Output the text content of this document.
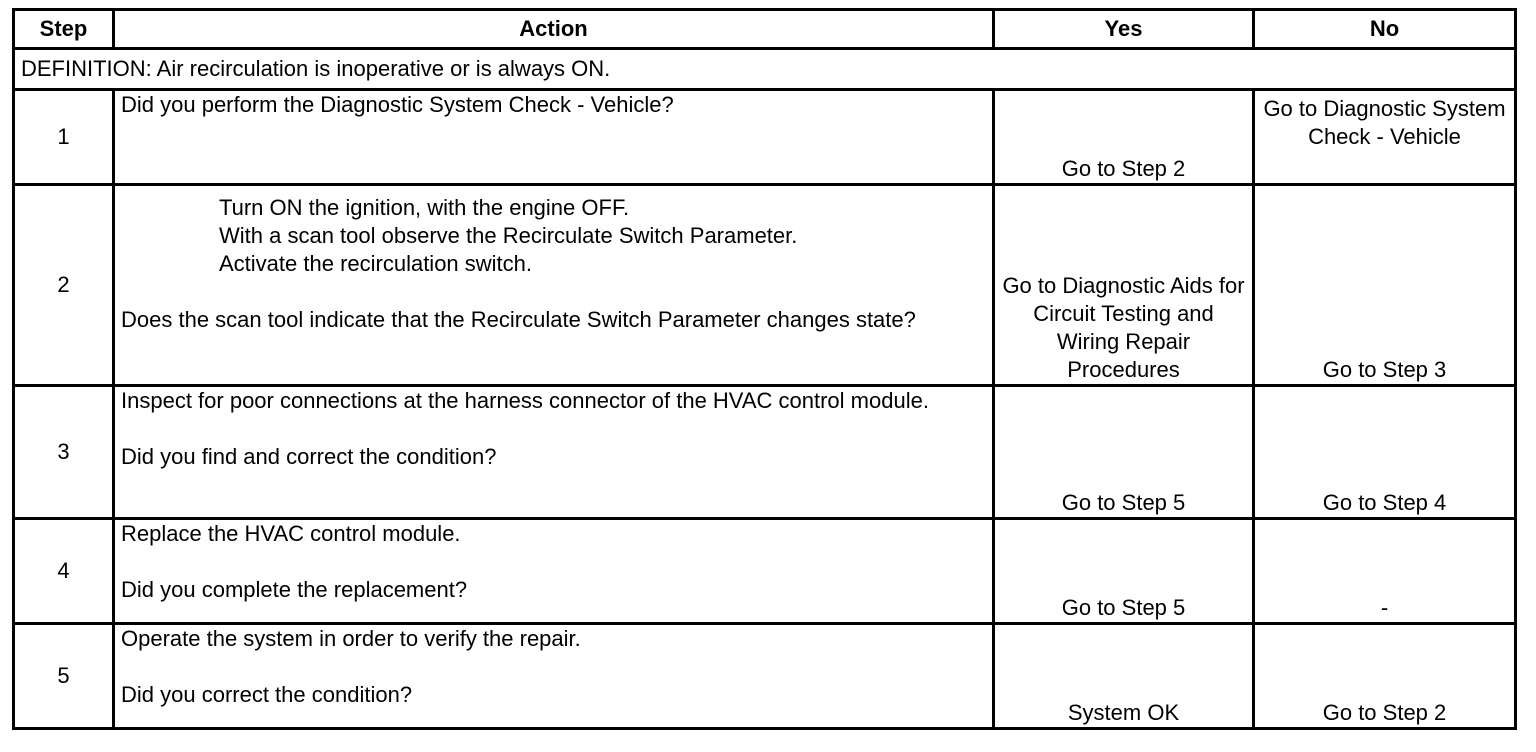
Step	Action	Yes	No
DEFINITION: Air recirculation is inoperative or is always ON.			
1	Did you perform the Diagnostic System Check - Vehicle?	Go to Step 2	Go to Diagnostic System Check - Vehicle
2	Turn ON the ignition, with the engine OFF.
With a scan tool observe the Recirculate Switch Parameter.
Activate the recirculation switch.
Does the scan tool indicate that the Recirculate Switch Parameter changes state?	Go to Diagnostic Aids for Circuit Testing and Wiring Repair Procedures	Go to Step 3
3	Inspect for poor connections at the harness connector of the HVAC control module.
Did you find and correct the condition?	Go to Step 5	Go to Step 4
4	Replace the HVAC control module.
Did you complete the replacement?	Go to Step 5	-
5	Operate the system in order to verify the repair.
Did you correct the condition?	System OK	Go to Step 2
